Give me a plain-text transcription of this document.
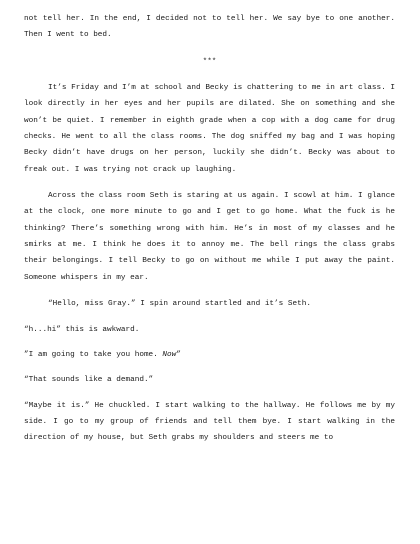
not tell her. In the end, I decided not to tell her. We say bye to one another. Then I went to bed.

***

It’s Friday and I’m at school and Becky is chattering to me in art class. I look directly in her eyes and her pupils are dilated. She on something and she won’t be quiet. I remember in eighth grade when a cop with a dog came for drug checks. He went to all the class rooms. The dog sniffed my bag and I was hoping Becky didn’t have drugs on her person, luckily she didn’t. Becky was about to freak out. I was trying not crack up laughing.

Across the class room Seth is staring at us again. I scowl at him. I glance at the clock, one more minute to go and I get to go home. What the fuck is he thinking? There’s something wrong with him. He’s in most of my classes and he smirks at me. I think he does it to annoy me. The bell rings the class grabs their belongings. I tell Becky to go on without me while I put away the paint. Someone whispers in my ear.

“Hello, miss Gray.” I spin around startled and it’s Seth.

“h...hi” this is awkward.

”I am going to take you home. Now”

“That sounds like a demand.”

“Maybe it is.” He chuckled. I start walking to the hallway. He follows me by my side. I go to my group of friends and tell them bye. I start walking in the direction of my house, but Seth grabs my shoulders and steers me to
